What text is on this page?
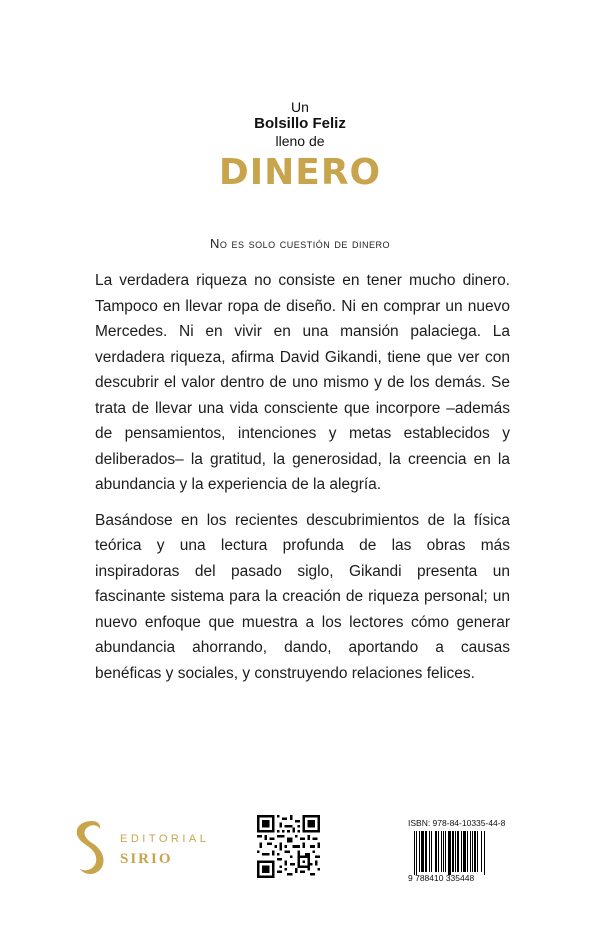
Un
Bolsillo Feliz
lleno de
DINERO
No es solo cuestión de dinero

La verdadera riqueza no consiste en tener mucho dinero. Tampoco en llevar ropa de diseño. Ni en comprar un nuevo Mercedes. Ni en vivir en una mansión palaciega. La verdadera riqueza, afirma David Gikandi, tiene que ver con descubrir el valor dentro de uno mismo y de los demás. Se trata de llevar una vida consciente que incorpore –además de pensamientos, intenciones y metas establecidos y deliberados– la gratitud, la generosidad, la creencia en la abundancia y la experiencia de la alegría.

Basándose en los recientes descubrimientos de la física teórica y una lectura profunda de las obras más inspiradoras del pasado siglo, Gikandi presenta un fascinante sistema para la creación de riqueza personal; un nuevo enfoque que muestra a los lectores cómo generar abundancia ahorrando, dando, aportando a causas benéficas y sociales, y construyendo relaciones felices.

EDITORIAL
SIRIO
ISBN: 978-84-10335-44-8
9 788410 335448
